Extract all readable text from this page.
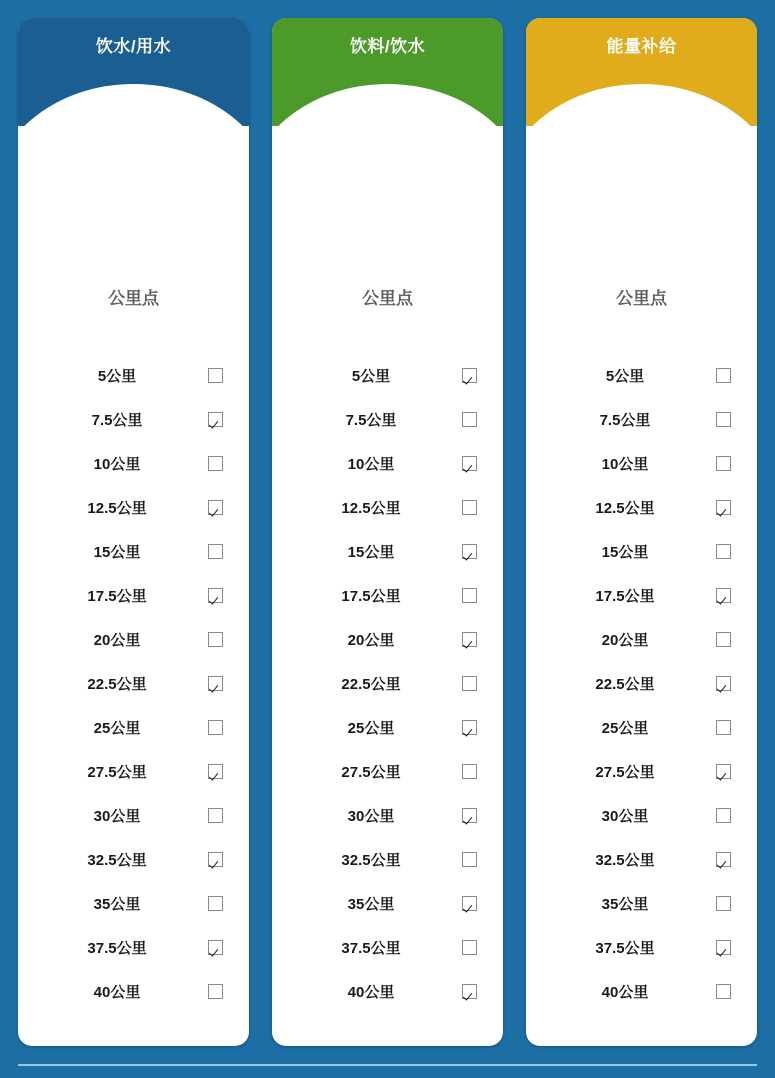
饮水/用水
公里点
5公里
7.5公里
10公里
12.5公里
15公里
17.5公里
20公里
22.5公里
25公里
27.5公里
30公里
32.5公里
35公里
37.5公里
40公里
饮料/饮水
公里点
5公里
7.5公里
10公里
12.5公里
15公里
17.5公里
20公里
22.5公里
25公里
27.5公里
30公里
32.5公里
35公里
37.5公里
40公里
能量补给
公里点
5公里
7.5公里
10公里
12.5公里
15公里
17.5公里
20公里
22.5公里
25公里
27.5公里
30公里
32.5公里
35公里
37.5公里
40公里
